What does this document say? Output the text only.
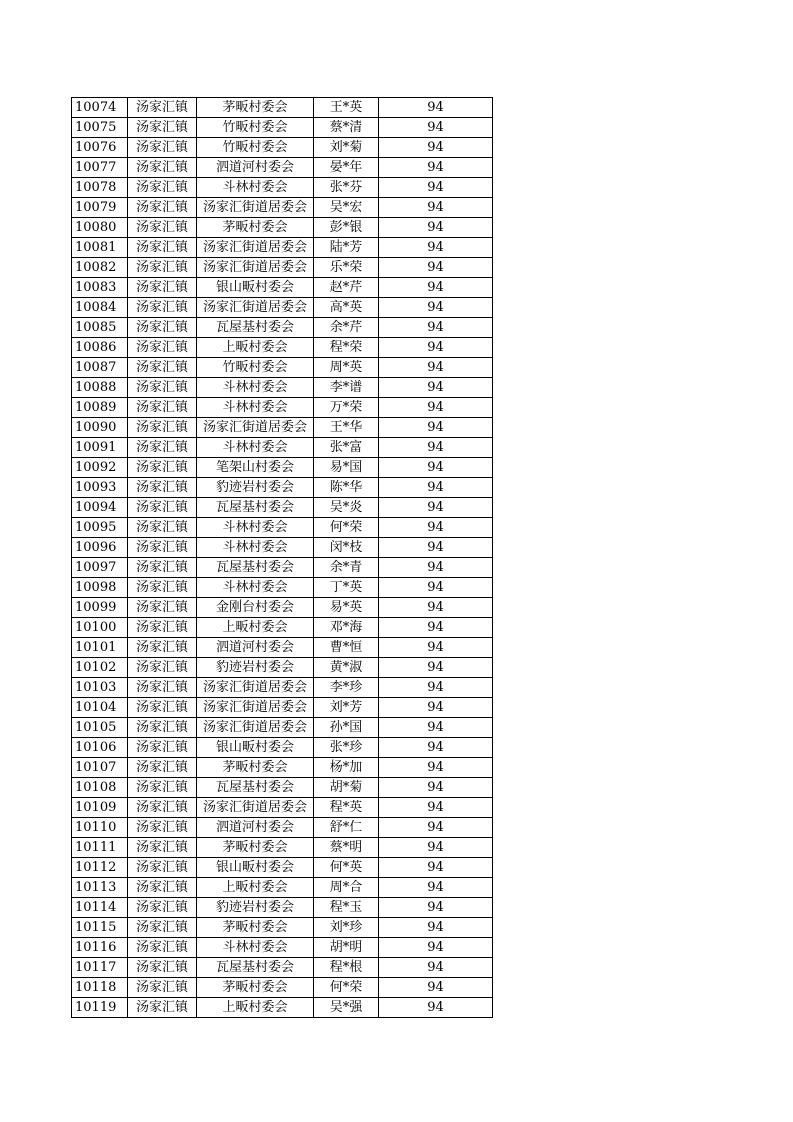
10074	汤家汇镇	茅畈村委会	王*英	94
10075	汤家汇镇	竹畈村委会	蔡*清	94
10076	汤家汇镇	竹畈村委会	刘*菊	94
10077	汤家汇镇	泗道河村委会	晏*年	94
10078	汤家汇镇	斗林村委会	张*芬	94
10079	汤家汇镇	汤家汇街道居委会	吴*宏	94
10080	汤家汇镇	茅畈村委会	彭*银	94
10081	汤家汇镇	汤家汇街道居委会	陆*芳	94
10082	汤家汇镇	汤家汇街道居委会	乐*荣	94
10083	汤家汇镇	银山畈村委会	赵*芹	94
10084	汤家汇镇	汤家汇街道居委会	高*英	94
10085	汤家汇镇	瓦屋基村委会	余*芹	94
10086	汤家汇镇	上畈村委会	程*荣	94
10087	汤家汇镇	竹畈村委会	周*英	94
10088	汤家汇镇	斗林村委会	李*谱	94
10089	汤家汇镇	斗林村委会	万*荣	94
10090	汤家汇镇	汤家汇街道居委会	王*华	94
10091	汤家汇镇	斗林村委会	张*富	94
10092	汤家汇镇	笔架山村委会	易*国	94
10093	汤家汇镇	豹迹岩村委会	陈*华	94
10094	汤家汇镇	瓦屋基村委会	吴*炎	94
10095	汤家汇镇	斗林村委会	何*荣	94
10096	汤家汇镇	斗林村委会	闵*枝	94
10097	汤家汇镇	瓦屋基村委会	余*青	94
10098	汤家汇镇	斗林村委会	丁*英	94
10099	汤家汇镇	金刚台村委会	易*英	94
10100	汤家汇镇	上畈村委会	邓*海	94
10101	汤家汇镇	泗道河村委会	曹*恒	94
10102	汤家汇镇	豹迹岩村委会	黄*淑	94
10103	汤家汇镇	汤家汇街道居委会	李*珍	94
10104	汤家汇镇	汤家汇街道居委会	刘*芳	94
10105	汤家汇镇	汤家汇街道居委会	孙*国	94
10106	汤家汇镇	银山畈村委会	张*珍	94
10107	汤家汇镇	茅畈村委会	杨*加	94
10108	汤家汇镇	瓦屋基村委会	胡*菊	94
10109	汤家汇镇	汤家汇街道居委会	程*英	94
10110	汤家汇镇	泗道河村委会	舒*仁	94
10111	汤家汇镇	茅畈村委会	蔡*明	94
10112	汤家汇镇	银山畈村委会	何*英	94
10113	汤家汇镇	上畈村委会	周*合	94
10114	汤家汇镇	豹迹岩村委会	程*玉	94
10115	汤家汇镇	茅畈村委会	刘*珍	94
10116	汤家汇镇	斗林村委会	胡*明	94
10117	汤家汇镇	瓦屋基村委会	程*根	94
10118	汤家汇镇	茅畈村委会	何*荣	94
10119	汤家汇镇	上畈村委会	吴*强	94
